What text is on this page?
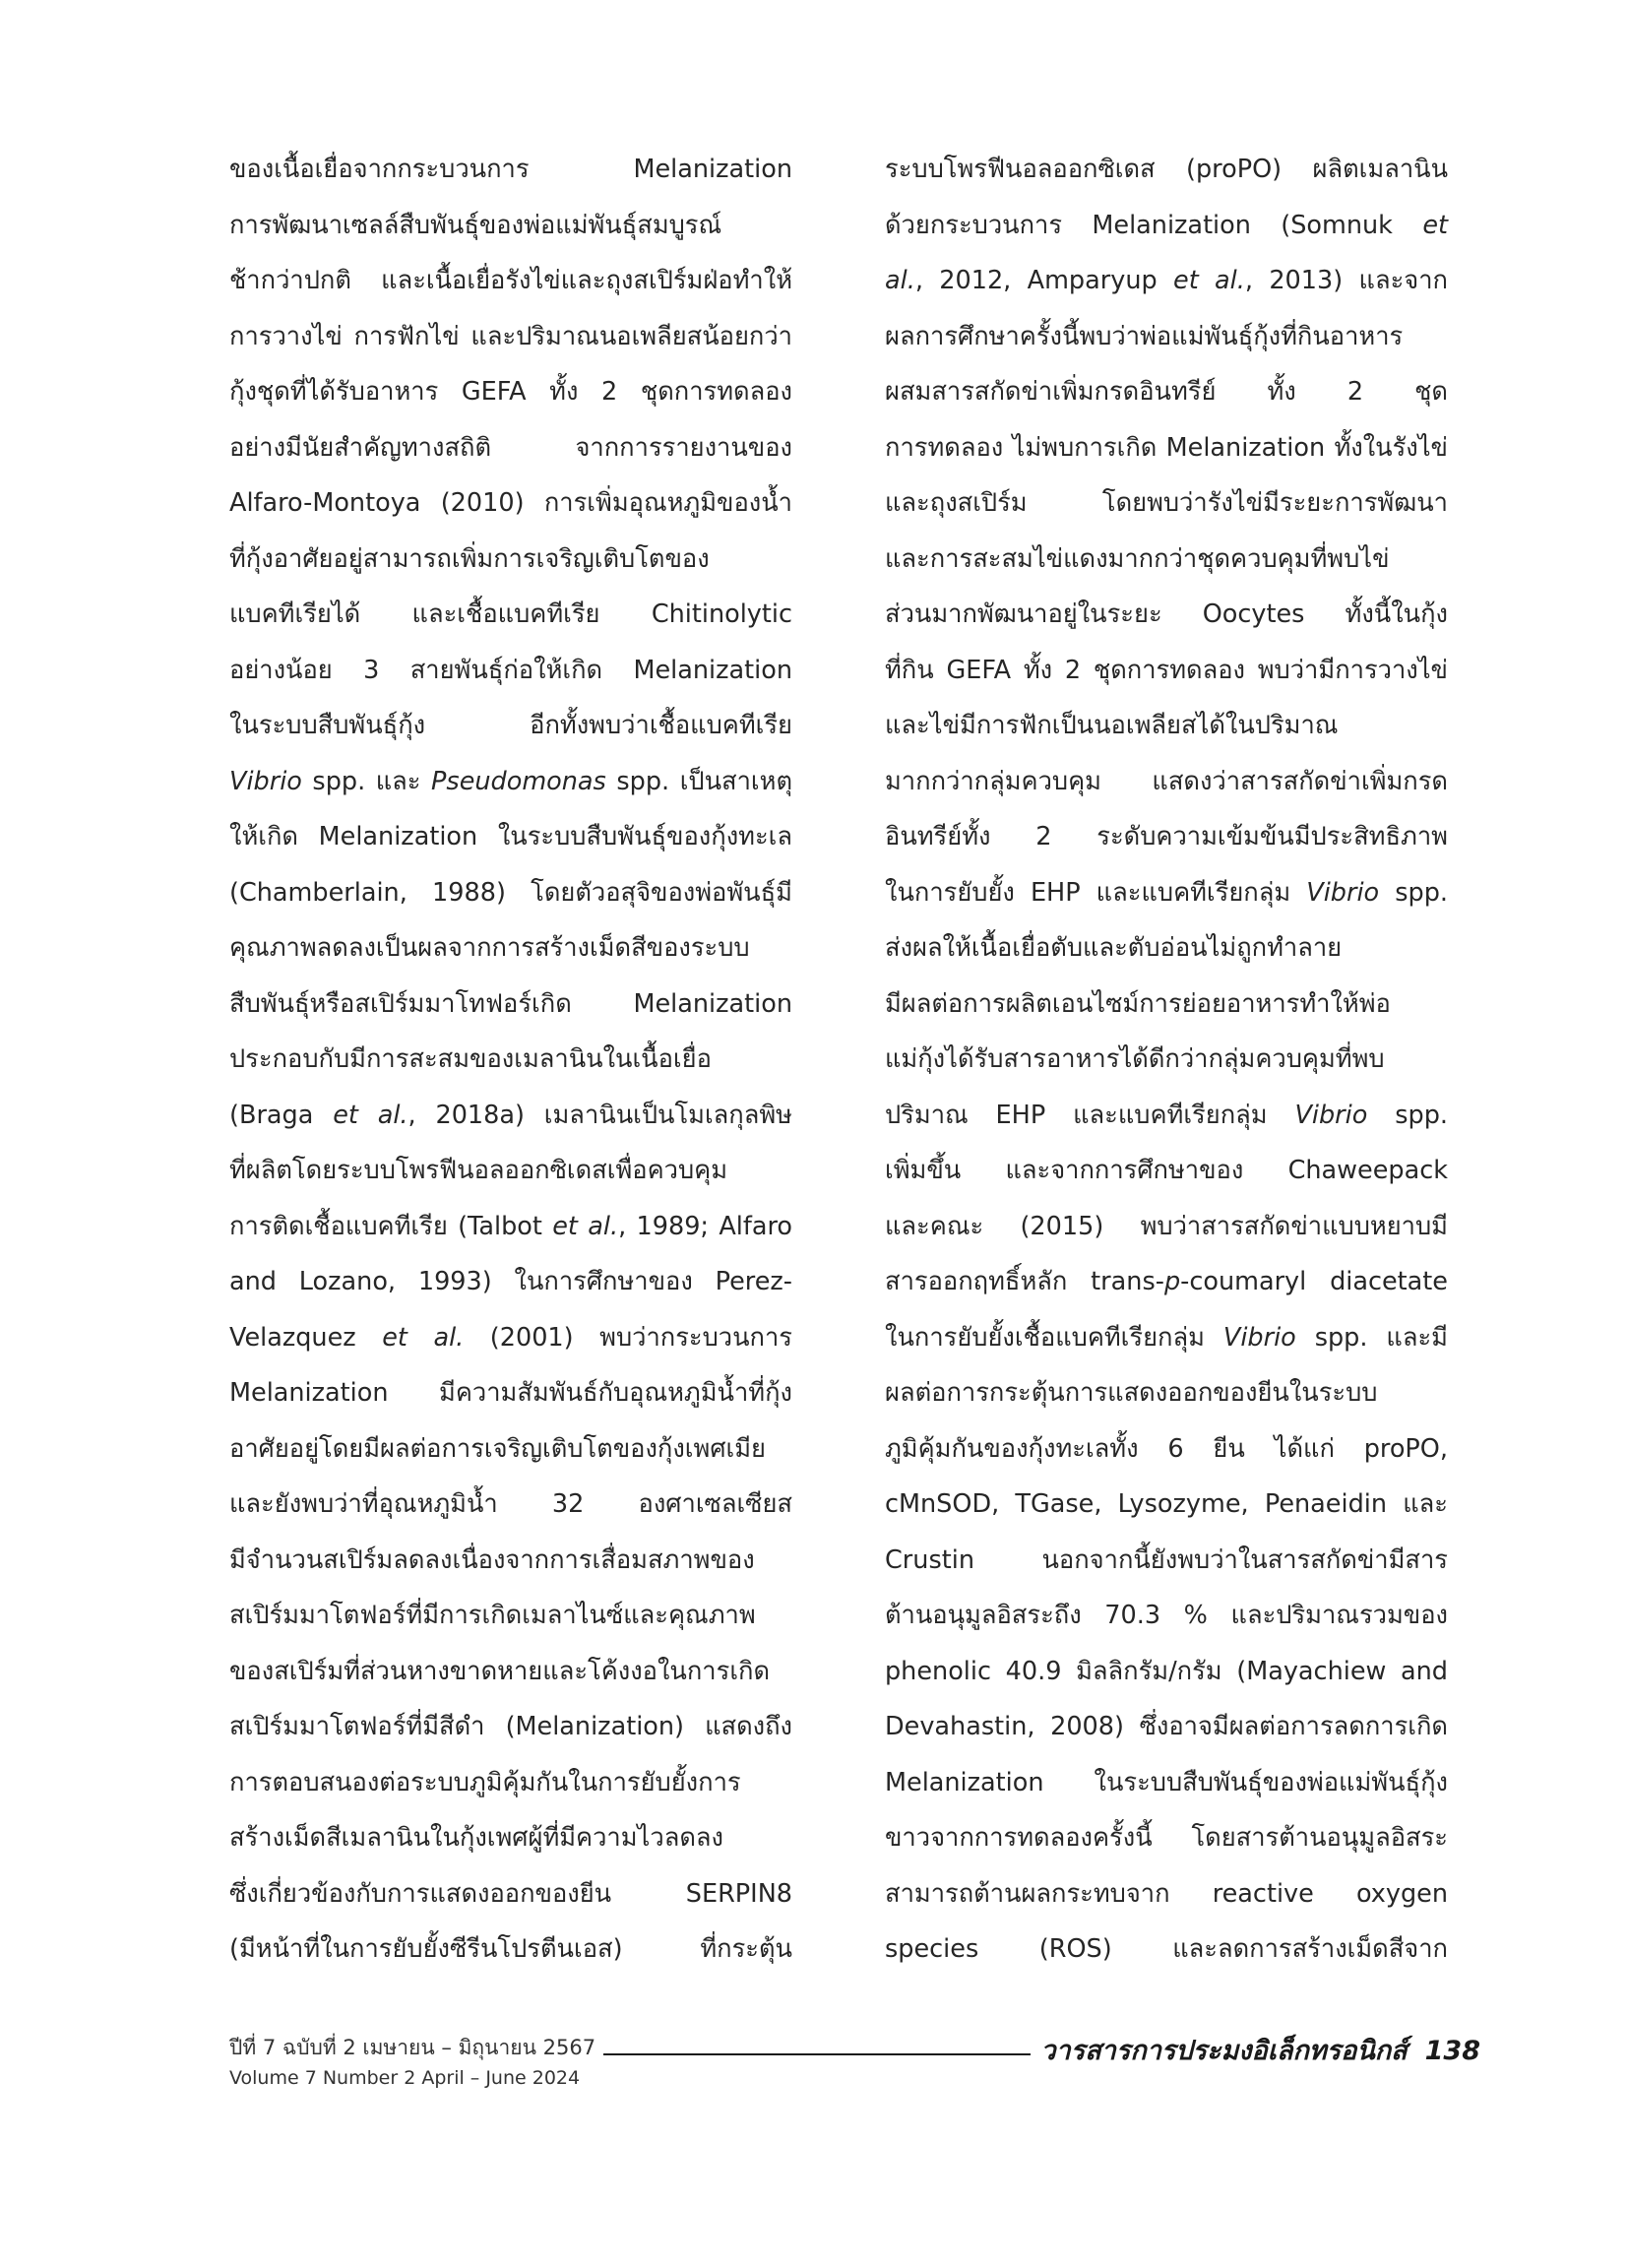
ของเนื้อเยื่อจากกระบวนการ Melanization
การพัฒนาเซลล์สืบพันธุ์ของพ่อแม่พันธุ์สมบูรณ์
ช้ากว่าปกติ และเนื้อเยื่อรังไข่และถุงสเปิร์มฝ่อทำให้
การวางไข่ การฟักไข่ และปริมาณนอเพลียสน้อยกว่า
กุ้งชุดที่ได้รับอาหาร GEFA ทั้ง 2 ชุดการทดลอง
อย่างมีนัยสำคัญทางสถิติ จากการรายงานของ
Alfaro-Montoya (2010) การเพิ่มอุณหภูมิของน้ำ
ที่กุ้งอาศัยอยู่สามารถเพิ่มการเจริญเติบโตของ
แบคทีเรียได้ และเชื้อแบคทีเรีย Chitinolytic
อย่างน้อย 3 สายพันธุ์ก่อให้เกิด Melanization
ในระบบสืบพันธุ์กุ้ง อีกทั้งพบว่าเชื้อแบคทีเรีย
Vibrio spp. และ Pseudomonas spp. เป็นสาเหตุ
ให้เกิด Melanization ในระบบสืบพันธุ์ของกุ้งทะเล
(Chamberlain, 1988) โดยตัวอสุจิของพ่อพันธุ์มี
คุณภาพลดลงเป็นผลจากการสร้างเม็ดสีของระบบ
สืบพันธุ์หรือสเปิร์มมาโทฟอร์เกิด Melanization
ประกอบกับมีการสะสมของเมลานินในเนื้อเยื่อ
(Braga et al., 2018a) เมลานินเป็นโมเลกุลพิษ
ที่ผลิตโดยระบบโพรฟีนอลออกซิเดสเพื่อควบคุม
การติดเชื้อแบคทีเรีย (Talbot et al., 1989; Alfaro
and Lozano, 1993) ในการศึกษาของ Perez-
Velazquez et al. (2001) พบว่ากระบวนการ
Melanization มีความสัมพันธ์กับอุณหภูมิน้ำที่กุ้ง
อาศัยอยู่โดยมีผลต่อการเจริญเติบโตของกุ้งเพศเมีย
และยังพบว่าที่อุณหภูมิน้ำ 32 องศาเซลเซียส
มีจำนวนสเปิร์มลดลงเนื่องจากการเสื่อมสภาพของ
สเปิร์มมาโตฟอร์ที่มีการเกิดเมลาไนซ์และคุณภาพ
ของสเปิร์มที่ส่วนหางขาดหายและโค้งงอในการเกิด
สเปิร์มมาโตฟอร์ที่มีสีดำ (Melanization) แสดงถึง
การตอบสนองต่อระบบภูมิคุ้มกันในการยับยั้งการ
สร้างเม็ดสีเมลานินในกุ้งเพศผู้ที่มีความไวลดลง
ซึ่งเกี่ยวข้องกับการแสดงออกของยีน SERPIN8
(มีหน้าที่ในการยับยั้งซีรีนโปรตีนเอส) ที่กระตุ้น
ระบบโพรฟีนอลออกซิเดส (proPO) ผลิตเมลานิน
ด้วยกระบวนการ Melanization (Somnuk et
al., 2012, Amparyup et al., 2013) และจาก
ผลการศึกษาครั้งนี้พบว่าพ่อแม่พันธุ์กุ้งที่กินอาหาร
ผสมสารสกัดข่าเพิ่มกรดอินทรีย์ ทั้ง 2 ชุด
การทดลอง ไม่พบการเกิด Melanization ทั้งในรังไข่
และถุงสเปิร์ม โดยพบว่ารังไข่มีระยะการพัฒนา
และการสะสมไข่แดงมากกว่าชุดควบคุมที่พบไข่
ส่วนมากพัฒนาอยู่ในระยะ Oocytes ทั้งนี้ในกุ้ง
ที่กิน GEFA ทั้ง 2 ชุดการทดลอง พบว่ามีการวางไข่
และไข่มีการฟักเป็นนอเพลียสได้ในปริมาณ
มากกว่ากลุ่มควบคุม แสดงว่าสารสกัดข่าเพิ่มกรด
อินทรีย์ทั้ง 2 ระดับความเข้มข้นมีประสิทธิภาพ
ในการยับยั้ง EHP และแบคทีเรียกลุ่ม Vibrio spp.
ส่งผลให้เนื้อเยื่อตับและตับอ่อนไม่ถูกทำลาย
มีผลต่อการผลิตเอนไซม์การย่อยอาหารทำให้พ่อ
แม่กุ้งได้รับสารอาหารได้ดีกว่ากลุ่มควบคุมที่พบ
ปริมาณ EHP และแบคทีเรียกลุ่ม Vibrio spp.
เพิ่มขึ้น และจากการศึกษาของ Chaweepack
และคณะ (2015) พบว่าสารสกัดข่าแบบหยาบมี
สารออกฤทธิ์หลัก trans-p-coumaryl diacetate
ในการยับยั้งเชื้อแบคทีเรียกลุ่ม Vibrio spp. และมี
ผลต่อการกระตุ้นการแสดงออกของยีนในระบบ
ภูมิคุ้มกันของกุ้งทะเลทั้ง 6 ยีน ได้แก่ proPO,
cMnSOD, TGase, Lysozyme, Penaeidin และ
Crustin นอกจากนี้ยังพบว่าในสารสกัดข่ามีสาร
ต้านอนุมูลอิสระถึง 70.3 % และปริมาณรวมของ
phenolic 40.9 มิลลิกรัม/กรัม (Mayachiew and
Devahastin, 2008) ซึ่งอาจมีผลต่อการลดการเกิด
Melanization ในระบบสืบพันธุ์ของพ่อแม่พันธุ์กุ้ง
ขาวจากการทดลองครั้งนี้ โดยสารต้านอนุมูลอิสระ
สามารถต้านผลกระทบจาก reactive oxygen
species (ROS) และลดการสร้างเม็ดสีจาก
ปีที่ 7 ฉบับที่ 2 เมษายน – มิถุนายน 2567
Volume 7 Number 2 April – June 2024
วารสารการประมงอิเล็กทรอนิกส์ 138
